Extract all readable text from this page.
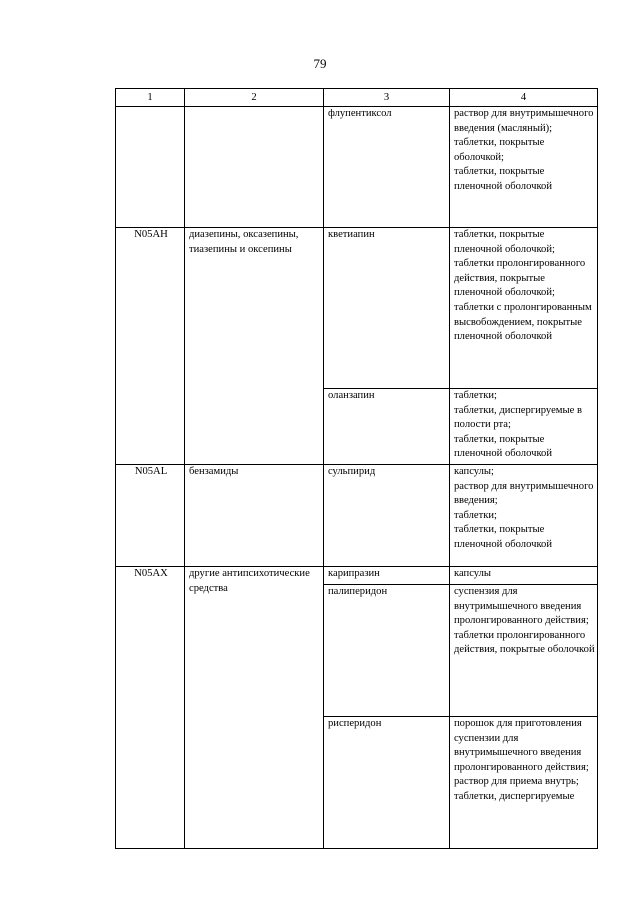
79
1	2	3	4
		флупентиксол	раствор для внутримышечного введения (масляный);
таблетки, покрытые оболочкой;
таблетки, покрытые пленочной оболочкой

N05AH	диазепины, оксазепины, тиазепины и оксепины	кветиапин	таблетки, покрытые пленочной оболочкой;
таблетки пролонгированного действия, покрытые пленочной оболочкой;
таблетки с пролонгированным высвобождением, покрытые пленочной оболочкой

		оланзапин	таблетки;
таблетки, диспергируемые в полости рта;
таблетки, покрытые пленочной оболочкой

N05AL	бензамиды	сульпирид	капсулы;
раствор для внутримышечного введения;
таблетки;
таблетки, покрытые пленочной оболочкой

N05AX	другие антипсихотические средства	карипразин	капсулы

		палиперидон	суспензия для внутримышечного введения пролонгированного действия;
таблетки пролонгированного действия, покрытые оболочкой

		рисперидон	порошок для приготовления суспензии для внутримышечного введения пролонгированного действия;
раствор для приема внутрь;
таблетки, диспергируемые
